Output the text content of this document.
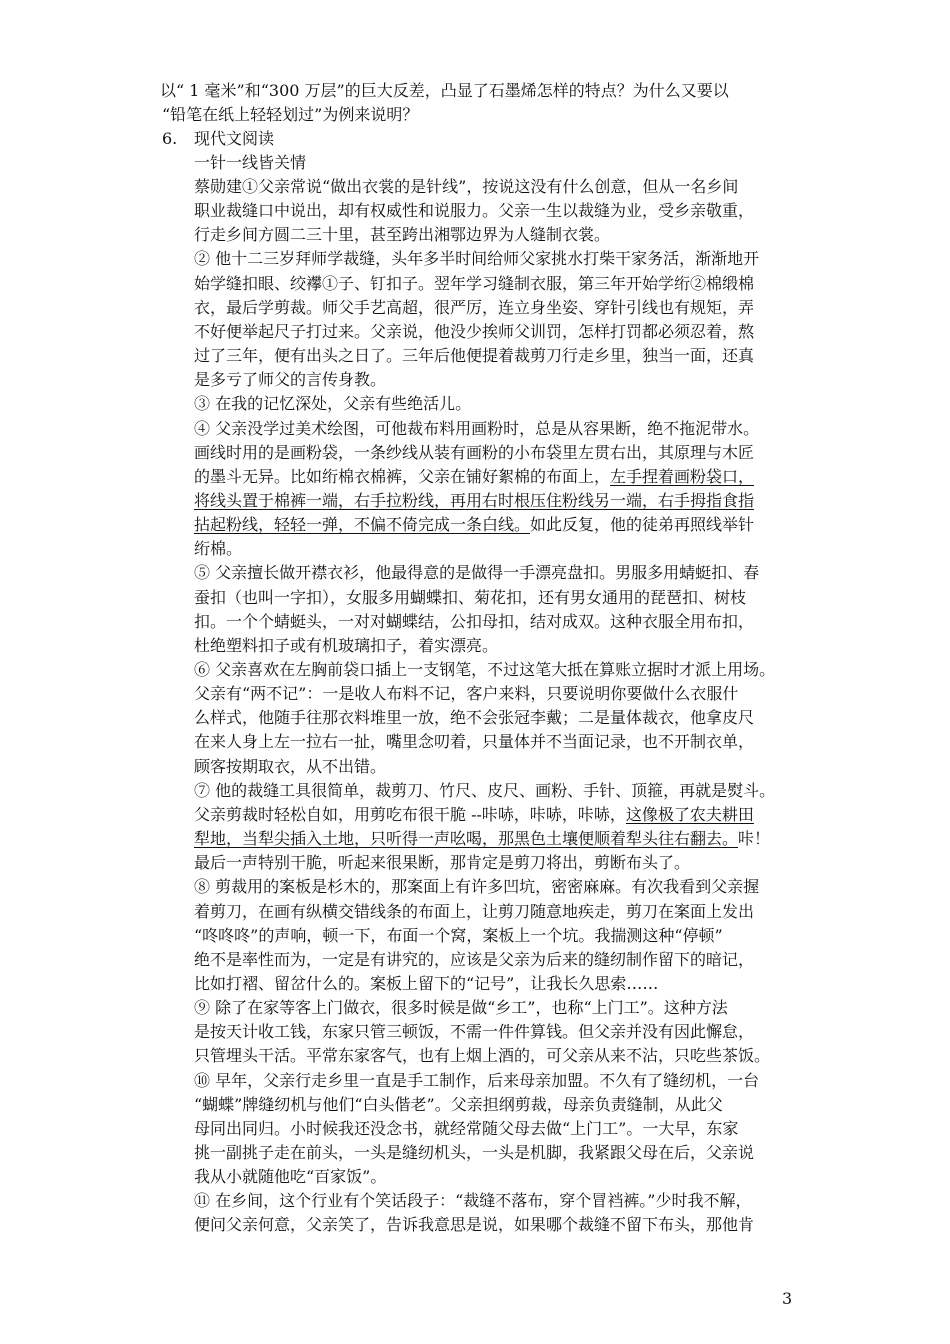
以“ 1 毫米”和“300 万层”的巨大反差，凸显了石墨烯怎样的特点？为什么又要以
“铅笔在纸上轻轻划过”为例来说明？
6. 现代文阅读
一针一线皆关情
蔡勋建①父亲常说“做出衣裳的是针线”，按说这没有什么创意，但从一名乡间
职业裁缝口中说出，却有权威性和说服力。父亲一生以裁缝为业，受乡亲敬重，
行走乡间方圆二三十里，甚至跨出湘鄂边界为人缝制衣裳。
② 他十二三岁拜师学裁缝，头年多半时间给师父家挑水打柴干家务活，渐渐地开
始学缝扣眼、绞襻①子、钉扣子。翌年学习缝制衣服，第三年开始学绗②棉缎棉
衣，最后学剪裁。师父手艺高超，很严厉，连立身坐姿、穿针引线也有规矩，弄
不好便举起尺子打过来。父亲说，他没少挨师父训罚，怎样打罚都必须忍着，熬
过了三年，便有出头之日了。三年后他便提着裁剪刀行走乡里，独当一面，还真
是多亏了师父的言传身教。
③ 在我的记忆深处，父亲有些绝活儿。
④ 父亲没学过美术绘图，可他裁布料用画粉时，总是从容果断，绝不拖泥带水。
画线时用的是画粉袋，一条纱线从装有画粉的小布袋里左贯右出，其原理与木匠
的墨斗无异。比如绗棉衣棉裤，父亲在铺好絮棉的布面上，左手捏着画粉袋口，
将线头置于棉裤一端，右手拉粉线，再用右时根压住粉线另一端，右手拇指食指
拈起粉线，轻轻一弹，不偏不倚完成一条白线。如此反复，他的徒弟再照线举针
绗棉。
⑤ 父亲擅长做开襟衣衫，他最得意的是做得一手漂亮盘扣。男服多用蜻蜓扣、春
蚕扣（也叫一字扣），女服多用蝴蝶扣、菊花扣，还有男女通用的琵琶扣、树枝
扣。一个个蜻蜓头，一对对蝴蝶结，公扣母扣，结对成双。这种衣服全用布扣，
杜绝塑料扣子或有机玻璃扣子，着实漂亮。
⑥ 父亲喜欢在左胸前袋口插上一支钢笔，不过这笔大抵在算账立据时才派上用场。
父亲有“两不记”：一是收人布料不记，客户来料，只要说明你要做什么衣服什
么样式，他随手往那衣料堆里一放，绝不会张冠李戴；二是量体裁衣，他拿皮尺
在来人身上左一拉右一扯，嘴里念叨着，只量体并不当面记录，也不开制衣单，
顾客按期取衣，从不出错。
⑦ 他的裁缝工具很简单，裁剪刀、竹尺、皮尺、画粉、手针、顶箍，再就是熨斗。
父亲剪裁时轻松自如，用剪吃布很干脆 --咔哧，咔哧，咔哧，这像极了农夫耕田
犁地，当犁尖插入土地，只听得一声吆喝，那黑色土壤便顺着犁头往右翻去。咔！
最后一声特别干脆，听起来很果断，那肯定是剪刀将出，剪断布头了。
⑧ 剪裁用的案板是杉木的，那案面上有许多凹坑，密密麻麻。有次我看到父亲握
着剪刀，在画有纵横交错线条的布面上，让剪刀随意地疾走，剪刀在案面上发出
“咚咚咚”的声响，顿一下，布面一个窝，案板上一个坑。我揣测这种“停顿”
绝不是率性而为，一定是有讲究的，应该是父亲为后来的缝纫制作留下的暗记，
比如打褶、留岔什么的。案板上留下的“记号”，让我长久思索……
⑨ 除了在家等客上门做衣，很多时候是做“乡工”，也称“上门工”。这种方法
是按天计收工钱，东家只管三顿饭，不需一件件算钱。但父亲并没有因此懈怠，
只管埋头干活。平常东家客气，也有上烟上酒的，可父亲从来不沾，只吃些茶饭。
⑩ 早年，父亲行走乡里一直是手工制作，后来母亲加盟。不久有了缝纫机，一台
“蝴蝶”牌缝纫机与他们“白头偕老”。父亲担纲剪裁，母亲负责缝制，从此父
母同出同归。小时候我还没念书，就经常随父母去做“上门工”。一大早，东家
挑一副挑子走在前头，一头是缝纫机头，一头是机脚，我紧跟父母在后，父亲说
我从小就随他吃“百家饭”。
⑪ 在乡间，这个行业有个笑话段子：“裁缝不落布，穿个冒裆裤。”少时我不解，
便问父亲何意，父亲笑了，告诉我意思是说，如果哪个裁缝不留下布头，那他肯
3
